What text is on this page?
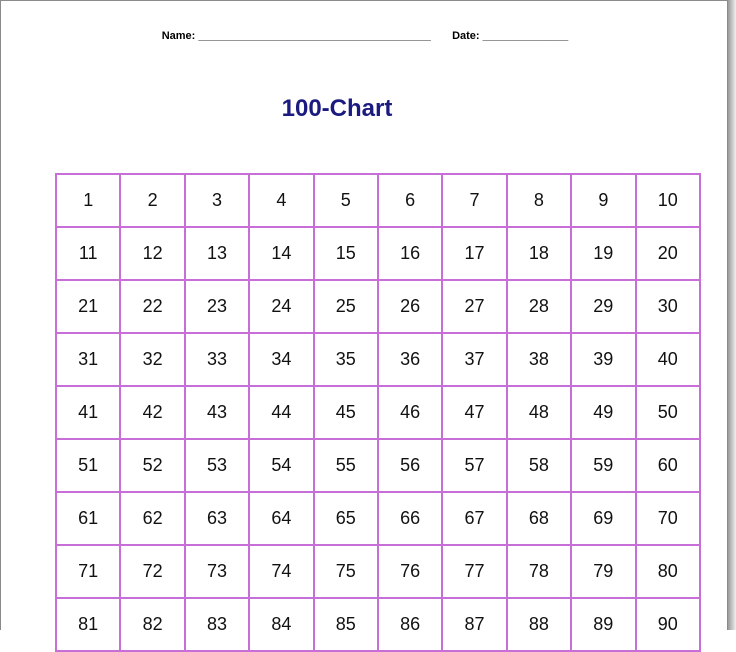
Name: ______________________________________ Date: ______________
100-Chart
1	2	3	4	5	6	7	8	9	10
11	12	13	14	15	16	17	18	19	20
21	22	23	24	25	26	27	28	29	30
31	32	33	34	35	36	37	38	39	40
41	42	43	44	45	46	47	48	49	50
51	52	53	54	55	56	57	58	59	60
61	62	63	64	65	66	67	68	69	70
71	72	73	74	75	76	77	78	79	80
81	82	83	84	85	86	87	88	89	90
